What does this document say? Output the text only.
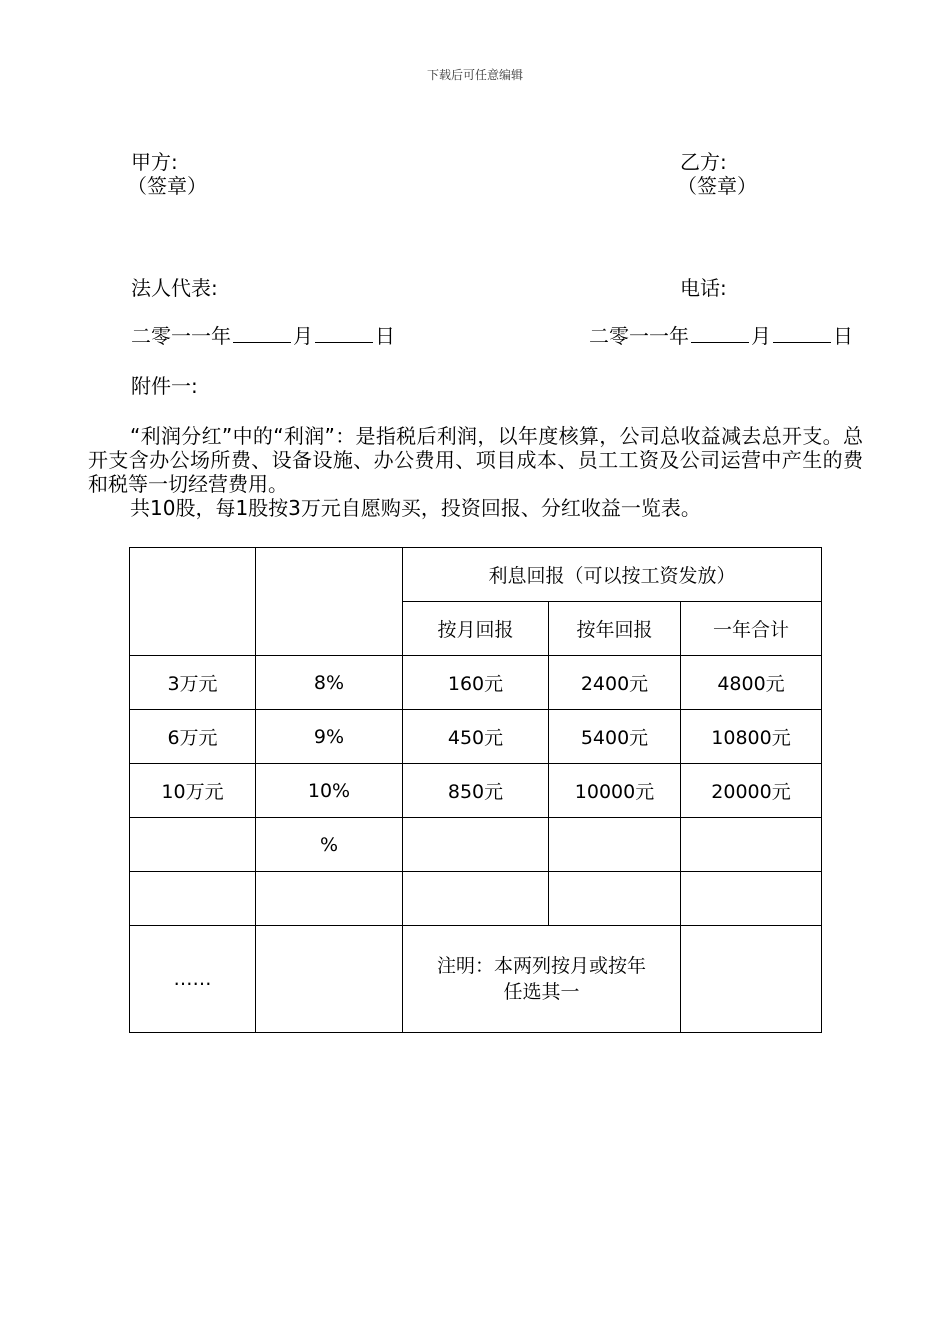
下载后可任意编辑
甲方:
（签章）
乙方:
（签章）
法人代表:	电话:
二零一一年	月	日	二零一一年	月	日
附件一:
“利润分红”中的“利润”：是指税后利润，以年度核算，公司总收益减去总开支。总开支含办公场所费、设备设施、办公费用、项目成本、员工工资及公司运营中产生的费和税等一切经营费用。
共10股，每1股按3万元自愿购买，投资回报、分红收益一览表。
		利息回报（可以按工资发放）		
		按月回报	按年回报	一年合计
3万元	8%	160元	2400元	4800元
6万元	9%	450元	5400元	10800元
10万元	10%	850元	10000元	20000元
	%			

……		注明：本两列按月或按年
任选其一		
